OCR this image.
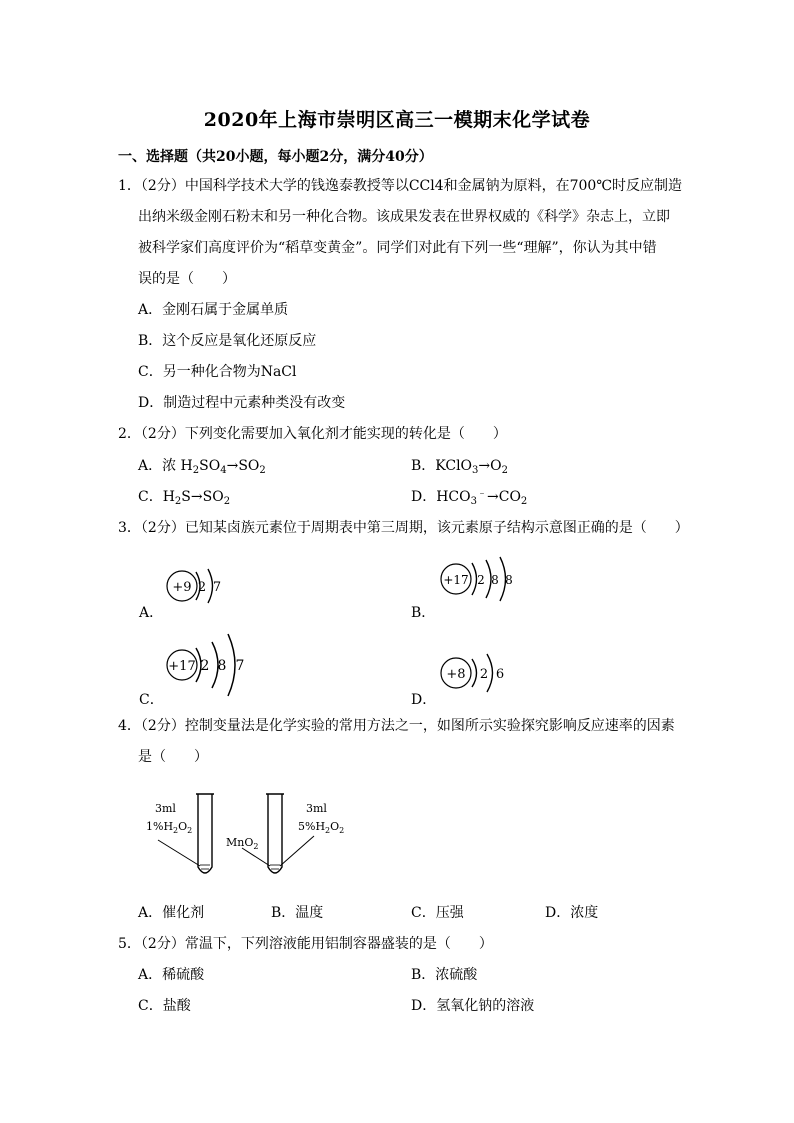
2020年上海市崇明区高三一模期末化学试卷
一、选择题（共20小题，每小题2分，满分40分）
1．（2分）中国科学技术大学的钱逸泰教授等以CCl4和金属钠为原料，在700℃时反应制造
出纳米级金刚石粉末和另一种化合物。该成果发表在世界权威的《科学》杂志上，立即
被科学家们高度评价为“稻草变黄金”。同学们对此有下列一些“理解”，你认为其中错
误的是（　　）
A．金刚石属于金属单质
B．这个反应是氧化还原反应
C．另一种化合物为NaCl
D．制造过程中元素种类没有改变
2．（2分）下列变化需要加入氧化剂才能实现的转化是（　　）
A．浓 $H_2SO_4\to SO_2$	B．$KClO_3\to O_2$
C．$H_2S\to SO_2$	D．$HCO_3^﹣\to CO_2$
3．（2分）已知某卤族元素位于周期表中第三周期，该元素原子结构示意图正确的是（　　）
+9 2 7
A．
+17 2 8 8
B．
+17 2 8 7
C．
+8 2 6
D．
4．（2分）控制变量法是化学实验的常用方法之一，如图所示实验探究影响反应速率的因素
是（　　）
3ml
$1\%H_2O_2$
MnO$_2$
3ml
$5\%H_2O_2$
A．催化剂	B．温度	C．压强	D．浓度
5．（2分）常温下，下列溶液能用铝制容器盛装的是（　　）
A．稀硫酸	B．浓硫酸
C．盐酸	D．氢氧化钠的溶液
